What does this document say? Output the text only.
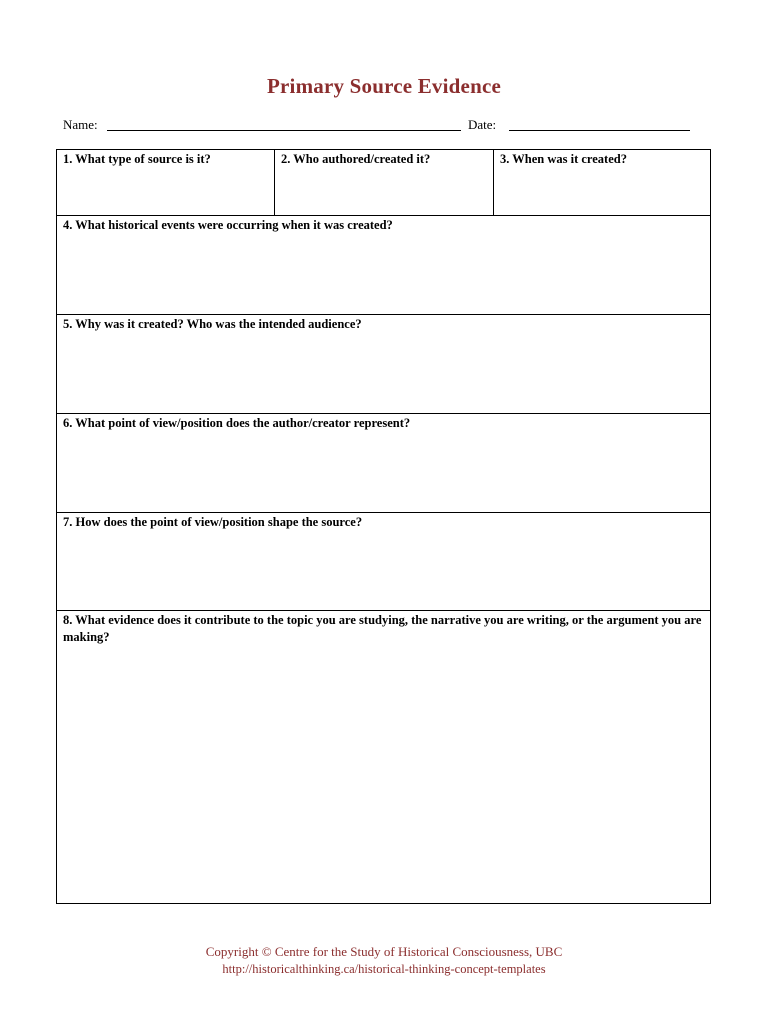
Primary Source Evidence
Name:	Date:
1. What type of source is it?	2. Who authored/created it?	3. When was it created?
4. What historical events were occurring when it was created?
5. Why was it created? Who was the intended audience?
6. What point of view/position does the author/creator represent?
7. How does the point of view/position shape the source?
8. What evidence does it contribute to the topic you are studying, the narrative you are writing, or the argument you are making?
Copyright © Centre for the Study of Historical Consciousness, UBC
http://historicalthinking.ca/historical-thinking-concept-templates
